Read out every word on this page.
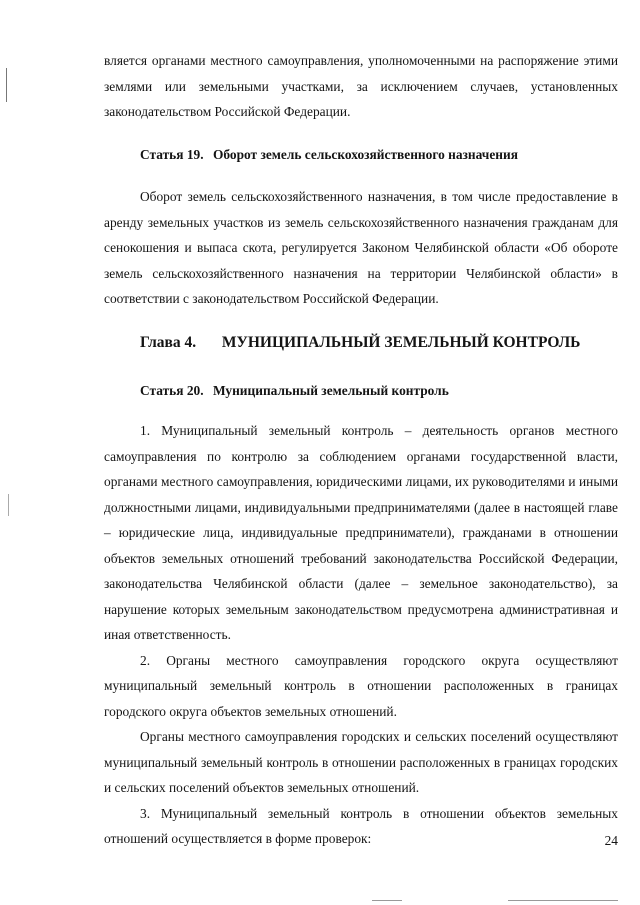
вляется органами местного самоуправления, уполномоченными на распоряжение этими землями или земельными участками, за исключением случаев, установленных законодательством Российской Федерации.

Статья 19. Оборот земель сельскохозяйственного назначения

Оборот земель сельскохозяйственного назначения, в том числе предоставление в аренду земельных участков из земель сельскохозяйственного назначения гражданам для сенокошения и выпаса скота, регулируется Законом Челябинской области «Об обороте земель сельскохозяйственного назначения на территории Челябинской области» в соответствии с законодательством Российской Федерации.

Глава 4. МУНИЦИПАЛЬНЫЙ ЗЕМЕЛЬНЫЙ КОНТРОЛЬ
Статья 20. Муниципальный земельный контроль

1. Муниципальный земельный контроль – деятельность органов местного самоуправления по контролю за соблюдением органами государственной власти, органами местного самоуправления, юридическими лицами, их руководителями и иными должностными лицами, индивидуальными предпринимателями (далее в настоящей главе – юридические лица, индивидуальные предприниматели), гражданами в отношении объектов земельных отношений требований законодательства Российской Федерации, законодательства Челябинской области (далее – земельное законодательство), за нарушение которых земельным законодательством предусмотрена административная и иная ответственность.

2. Органы местного самоуправления городского округа осуществляют муниципальный земельный контроль в отношении расположенных в границах городского округа объектов земельных отношений.

Органы местного самоуправления городских и сельских поселений осуществляют муниципальный земельный контроль в отношении расположенных в границах городских и сельских поселений объектов земельных отношений.

3. Муниципальный земельный контроль в отношении объектов земельных отношений осуществляется в форме проверок:	24
